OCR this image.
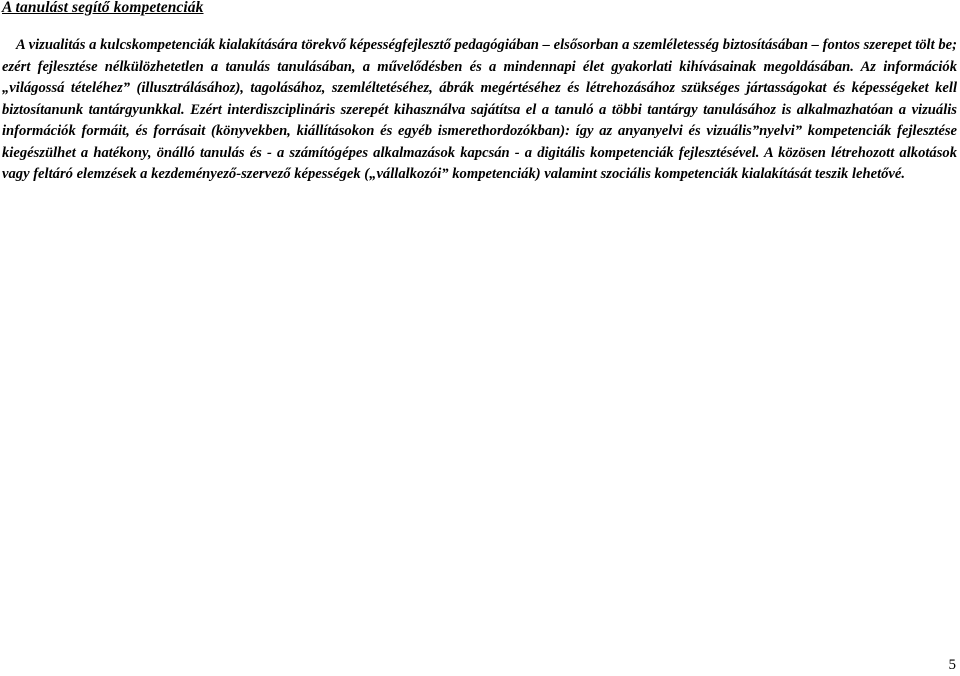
A tanulást segítő kompetenciák

A vizualitás a kulcskompetenciák kialakítására törekvő képességfejlesztő pedagógiában – elsősorban a szemléletesség biztosításában – fontos szerepet tölt be; ezért fejlesztése nélkülözhetetlen a tanulás tanulásában, a művelődésben és a mindennapi élet gyakorlati kihívásainak megoldásában. Az információk „világossá tételéhez” (illusztrálásához), tagolásához, szemléltetéséhez, ábrák megértéséhez és létrehozásához szükséges jártasságokat és képességeket kell biztosítanunk tantárgyunkkal. Ezért interdiszciplináris szerepét kihasználva sajátítsa el a tanuló a többi tantárgy tanulásához is alkalmazhatóan a vizuális információk formáit, és forrásait (könyvekben, kiállításokon és egyéb ismerethordozókban): így az anyanyelvi és vizuális”nyelvi” kompetenciák fejlesztése kiegészülhet a hatékony, önálló tanulás és - a számítógépes alkalmazások kapcsán - a digitális kompetenciák fejlesztésével. A közösen létrehozott alkotások vagy feltáró elemzések a kezdeményező-szervező képességek („vállalkozói” kompetenciák) valamint szociális kompetenciák kialakítását teszik lehetővé.

5
